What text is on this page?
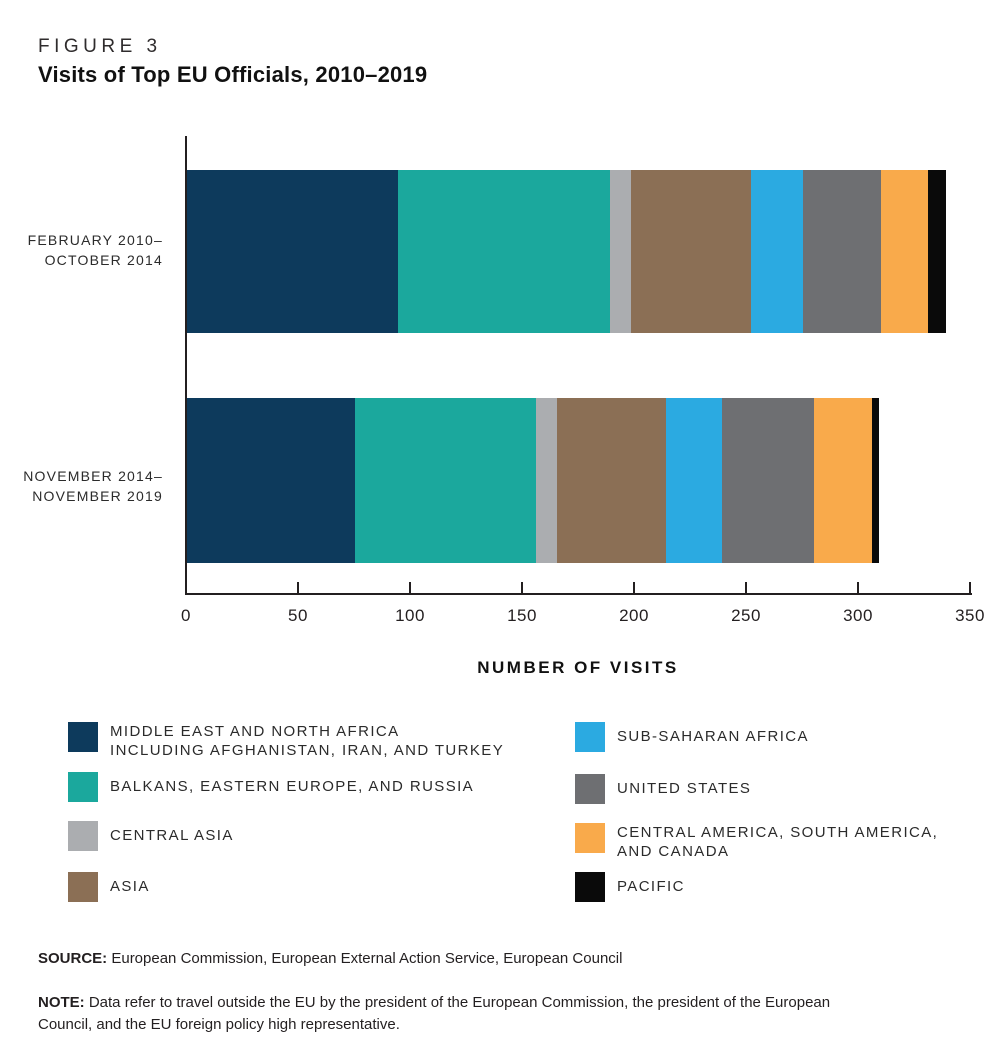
FIGURE 3
Visits of Top EU Officials, 2010–2019
FEBRUARY 2010–
OCTOBER 2014
NOVEMBER 2014–
NOVEMBER 2019
0	50	100	150	200	250	300	350
NUMBER OF VISITS
MIDDLE EAST AND NORTH AFRICA
INCLUDING AFGHANISTAN, IRAN, AND TURKEY
BALKANS, EASTERN EUROPE, AND RUSSIA
CENTRAL ASIA
ASIA
SUB-SAHARAN AFRICA
UNITED STATES
CENTRAL AMERICA, SOUTH AMERICA,
AND CANADA
PACIFIC

SOURCE: European Commission, European External Action Service, European Council

NOTE: Data refer to travel outside the EU by the president of the European Commission, the president of the European Council, and the EU foreign policy high representative.
